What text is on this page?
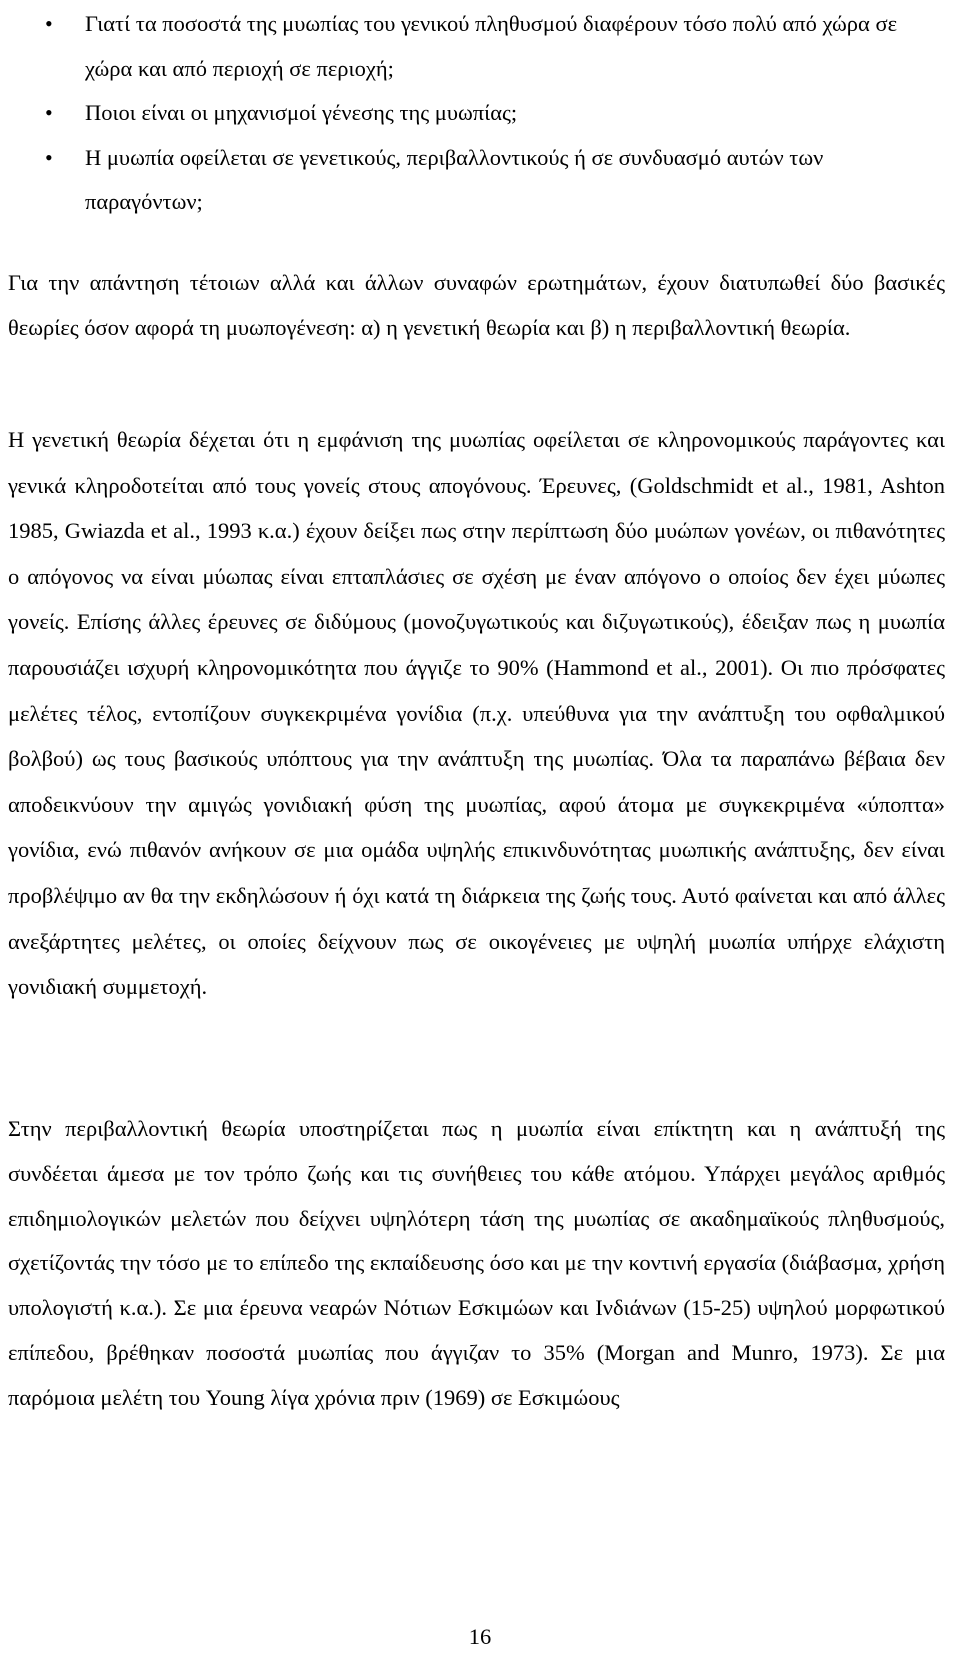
•	Γιατί τα ποσοστά της μυωπίας του γενικού πληθυσμού διαφέρουν τόσο πολύ από χώρα σε χώρα και από περιοχή σε περιοχή;
•	Ποιοι είναι οι μηχανισμοί γένεσης της μυωπίας;
•	Η μυωπία οφείλεται σε γενετικούς, περιβαλλοντικούς ή σε συνδυασμό αυτών των παραγόντων;

Για την απάντηση τέτοιων αλλά και άλλων συναφών ερωτημάτων, έχουν διατυπωθεί δύο βασικές θεωρίες όσον αφορά τη μυωπογένεση: α) η γενετική θεωρία και β) η περιβαλλοντική θεωρία.

Η γενετική θεωρία δέχεται ότι η εμφάνιση της μυωπίας οφείλεται σε κληρονομικούς παράγοντες και γενικά κληροδοτείται από τους γονείς στους απογόνους. Έρευνες, (Goldschmidt et al., 1981, Ashton 1985, Gwiazda et al., 1993 κ.α.) έχουν δείξει πως στην περίπτωση δύο μυώπων γονέων, οι πιθανότητες ο απόγονος να είναι μύωπας είναι επταπλάσιες σε σχέση με έναν απόγονο ο οποίος δεν έχει μύωπες γονείς. Επίσης άλλες έρευνες σε διδύμους (μονοζυγωτικούς και διζυγωτικούς), έδειξαν πως η μυωπία παρουσιάζει ισχυρή κληρονομικότητα που άγγιζε το 90% (Hammond et al., 2001). Οι πιο πρόσφατες μελέτες τέλος, εντοπίζουν συγκεκριμένα γονίδια (π.χ. υπεύθυνα για την ανάπτυξη του οφθαλμικού βολβού) ως τους βασικούς υπόπτους για την ανάπτυξη της μυωπίας. Όλα τα παραπάνω βέβαια δεν αποδεικνύουν την αμιγώς γονιδιακή φύση της μυωπίας, αφού άτομα με συγκεκριμένα «ύποπτα» γονίδια, ενώ πιθανόν ανήκουν σε μια ομάδα υψηλής επικινδυνότητας μυωπικής ανάπτυξης, δεν είναι προβλέψιμο αν θα την εκδηλώσουν ή όχι κατά τη διάρκεια της ζωής τους. Αυτό φαίνεται και από άλλες ανεξάρτητες μελέτες, οι οποίες δείχνουν πως σε οικογένειες με υψηλή μυωπία υπήρχε ελάχιστη γονιδιακή συμμετοχή.

Στην περιβαλλοντική θεωρία υποστηρίζεται πως η μυωπία είναι επίκτητη και η ανάπτυξή της συνδέεται άμεσα με τον τρόπο ζωής και τις συνήθειες του κάθε ατόμου. Υπάρχει μεγάλος αριθμός επιδημιολογικών μελετών που δείχνει υψηλότερη τάση της μυωπίας σε ακαδημαϊκούς πληθυσμούς, σχετίζοντάς την τόσο με το επίπεδο της εκπαίδευσης όσο και με την κοντινή εργασία (διάβασμα, χρήση υπολογιστή κ.α.). Σε μια έρευνα νεαρών Νότιων Εσκιμώων και Ινδιάνων (15-25) υψηλού μορφωτικού επίπεδου, βρέθηκαν ποσοστά μυωπίας που άγγιζαν το 35% (Morgan and Munro, 1973). Σε μια παρόμοια μελέτη του Young λίγα χρόνια πριν (1969) σε Εσκιμώους

16
